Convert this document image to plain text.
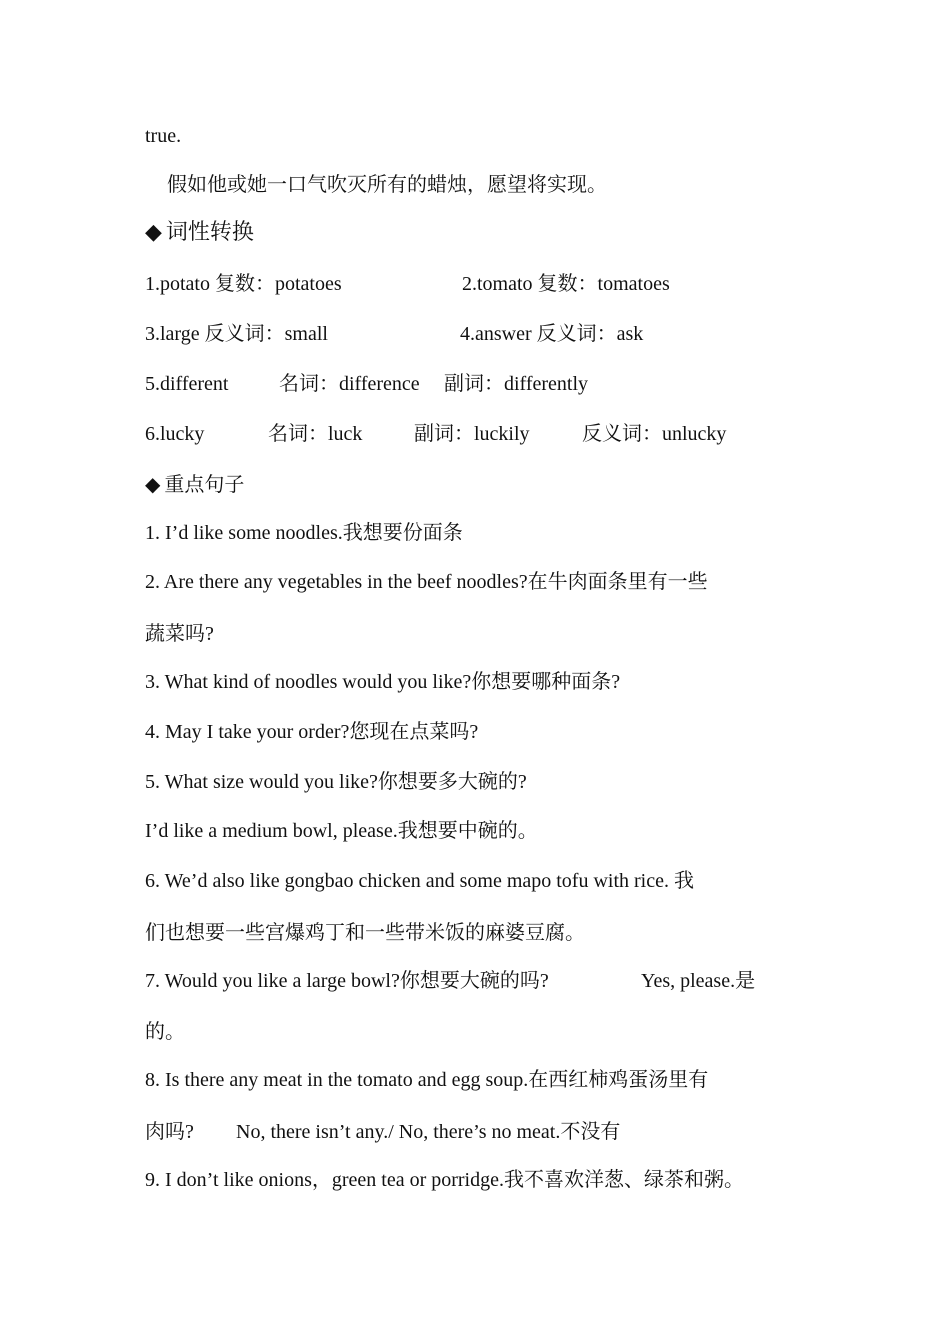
true.
假如他或她一口气吹灭所有的蜡烛，愿望将实现。
◆ 词性转换
1.potato 复数：potatoes	2.tomato 复数：tomatoes
3.large 反义词：small	4.answer 反义词：ask
5.different	名词：difference 副词：differently
6.lucky	名词：luck	副词：luckily	反义词：unlucky
◆ 重点句子
1. I’d like some noodles.我想要份面条
2. Are there any vegetables in the beef noodles?在牛肉面条里有一些
蔬菜吗?
3. What kind of noodles would you like?你想要哪种面条?
4. May I take your order?您现在点菜吗?
5. What size would you like?你想要多大碗的?
I’d like a medium bowl, please.我想要中碗的。
6. We’d also like gongbao chicken and some mapo tofu with rice. 我
们也想要一些宫爆鸡丁和一些带米饭的麻婆豆腐。
7. Would you like a large bowl?你想要大碗的吗?	Yes, please.是
的。
8. Is there any meat in the tomato and egg soup.在西红柿鸡蛋汤里有
肉吗? No, there isn’t any./ No, there’s no meat.不没有
9. I don’t like onions，green tea or porridge.我不喜欢洋葱、绿茶和粥。
